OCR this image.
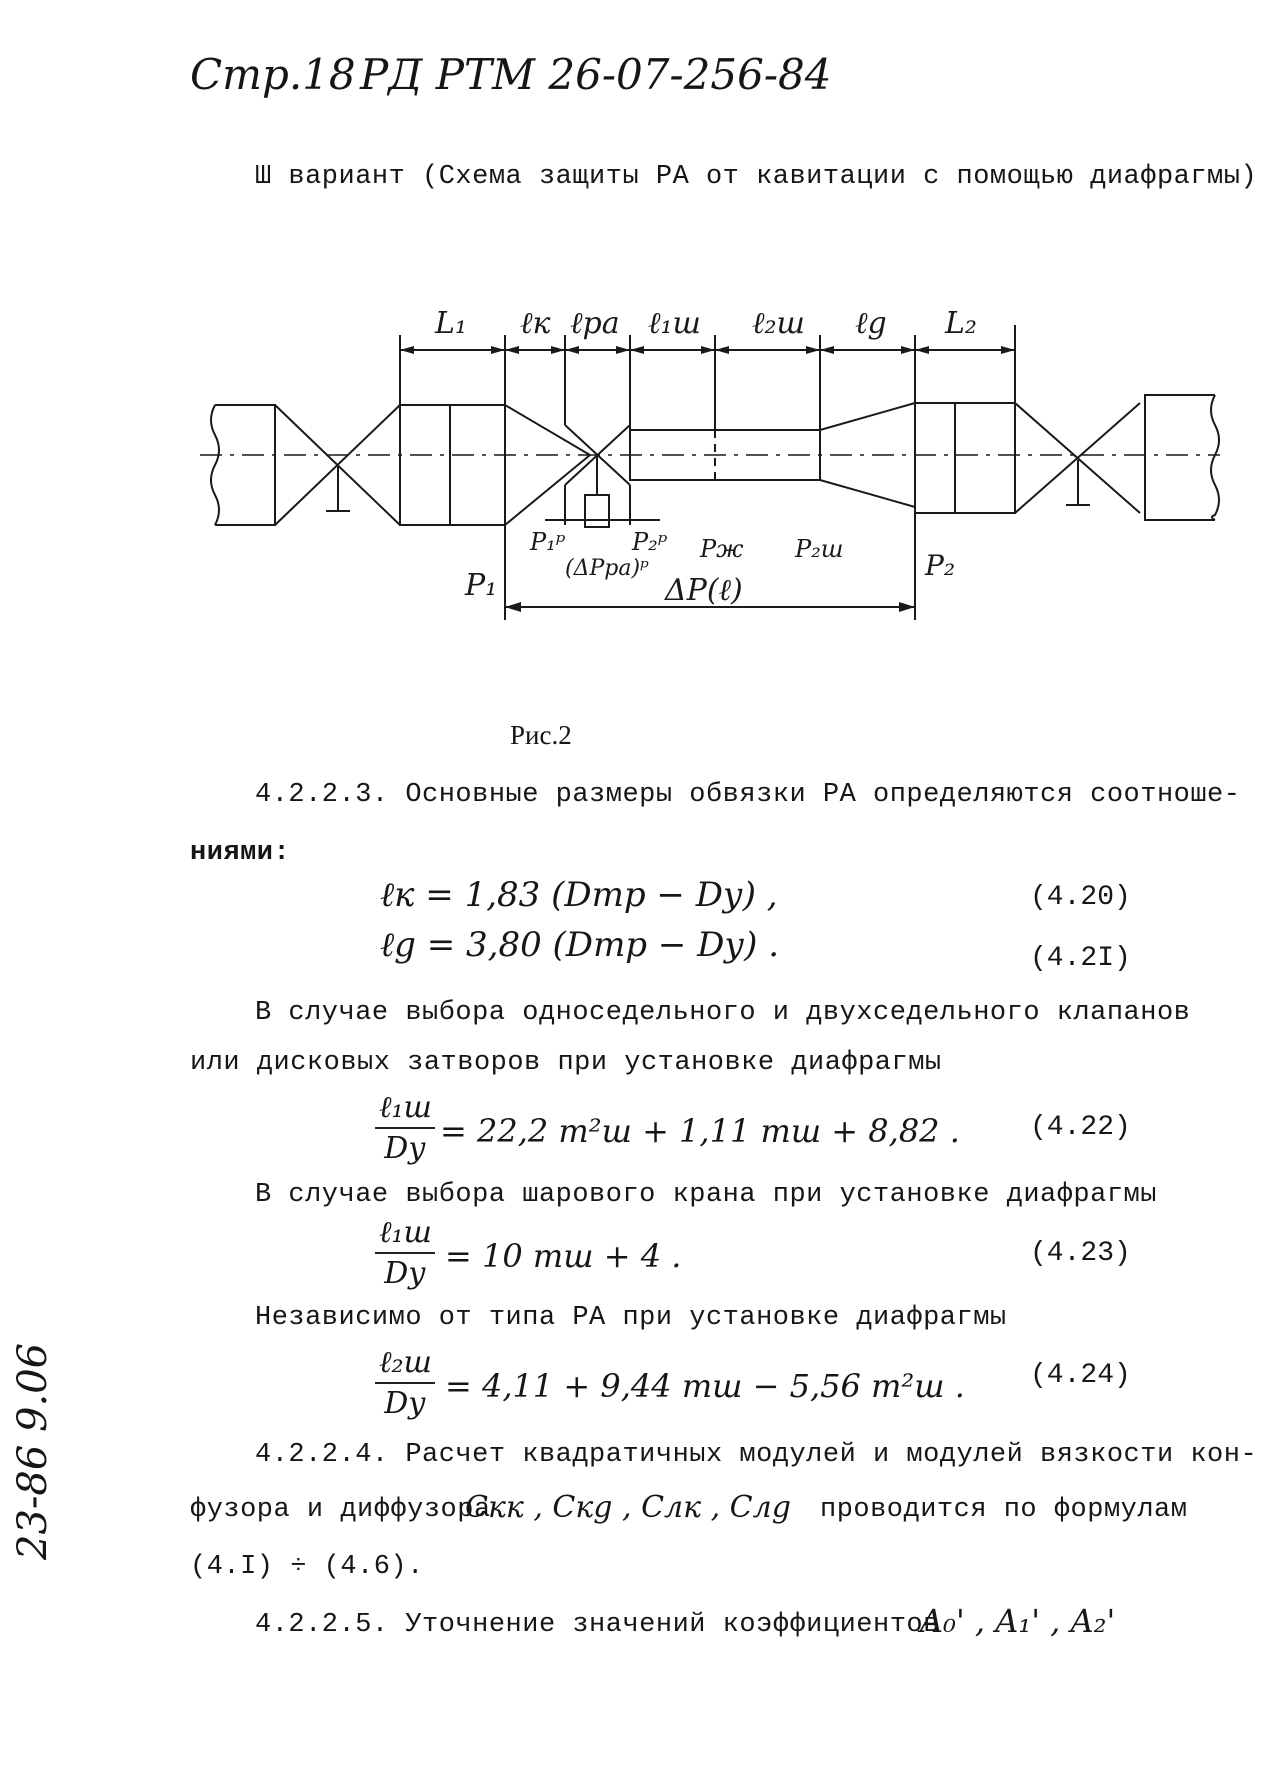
Стр.18 РД РТМ 26-07-256-84
Ш вариант (Схема защиты РА от кавитации с помощью диафрагмы)
L₁ ℓк ℓра ℓ₁ш ℓ₂ш ℓg L₂
P₁
P₁ᵖ	P₂ᵖ Pж P₂ш	P₂
(ΔPра)ᵖ
ΔP(ℓ)
Рис.2
4.2.2.3. Основные размеры обвязки РА определяются соотноше-
ниями:
ℓк = 1,83 (Dтр − Dу) ,	(4.20)
ℓg = 3,80 (Dтр − Dу) .	(4.2I)
В случае выбора односедельного и двухседельного клапанов
или дисковых затворов при установке диафрагмы
ℓ₁ш
Dу = 22,2 m²ш + 1,11 mш + 8,82 .	(4.22)
В случае выбора шарового крана при установке диафрагмы
ℓ₁ш
Dу = 10 mш + 4 .	(4.23)
Независимо от типа РА при установке диафрагмы
ℓ₂ш
Dу = 4,11 + 9,44 mш − 5,56 m²ш . (4.24)
4.2.2.4. Расчет квадратичных модулей и модулей вязкости кон-
фузора и диффузора
Cкк , Cкg , Cлк , Cлg проводится по формулам
(4.I) ÷ (4.6).
4.2.2.5. Уточнение значений коэффициентов
A₀' , A₁' , A₂'
23-86 9.06
